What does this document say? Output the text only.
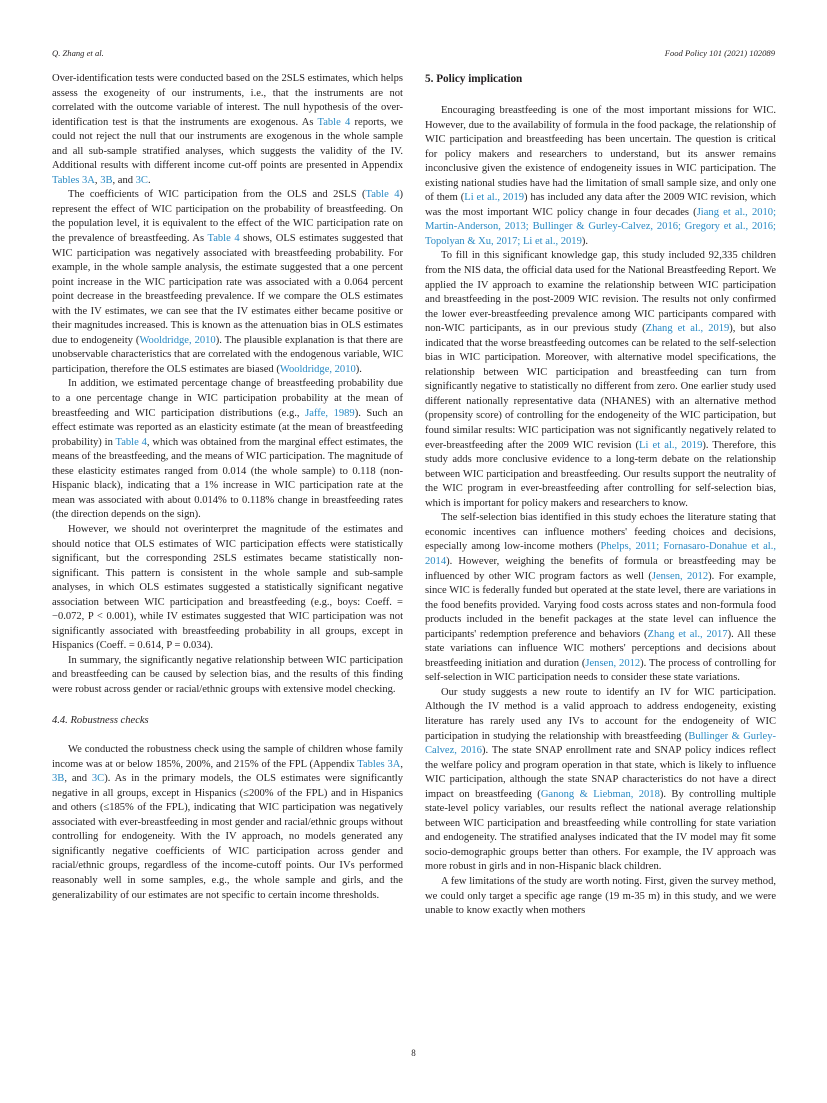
Q. Zhang et al.	Food Policy 101 (2021) 102089

Over-identification tests were conducted based on the 2SLS estimates, which helps assess the exogeneity of our instruments, i.e., that the instruments are not correlated with the outcome variable of interest. The null hypothesis of the over-identification test is that the instruments are exogenous. As Table 4 reports, we could not reject the null that our instruments are exogenous in the whole sample and all sub-sample stratified analyses, which suggests the validity of the IV. Additional results with different income cut-off points are presented in Appendix Tables 3A, 3B, and 3C.

The coefficients of WIC participation from the OLS and 2SLS (Table 4) represent the effect of WIC participation on the probability of breastfeeding. On the population level, it is equivalent to the effect of the WIC participation rate on the prevalence of breastfeeding. As Table 4 shows, OLS estimates suggested that WIC participation was negatively associated with breastfeeding probability. For example, in the whole sample analysis, the estimate suggested that a one percent point increase in the WIC participation rate was associated with a 0.064 percent point decrease in the breastfeeding prevalence. If we compare the OLS estimates with the IV estimates, we can see that the IV estimates either became positive or their magnitudes increased. This is known as the attenuation bias in OLS estimates due to endogeneity (Wooldridge, 2010). The plausible explanation is that there are unobservable characteristics that are correlated with the endogenous variable, WIC participation, therefore the OLS estimates are biased (Wooldridge, 2010).

In addition, we estimated percentage change of breastfeeding probability due to a one percentage change in WIC participation probability at the mean of breastfeeding and WIC participation distributions (e.g., Jaffe, 1989). Such an effect estimate was reported as an elasticity estimate (at the mean of breastfeeding probability) in Table 4, which was obtained from the marginal effect estimates, the means of the breastfeeding, and the means of WIC participation. The magnitude of these elasticity estimates ranged from 0.014 (the whole sample) to 0.118 (non-Hispanic black), indicating that a 1% increase in WIC participation rate at the mean was associated with about 0.014% to 0.118% change in breastfeeding rates (the direction depends on the sign).

However, we should not overinterpret the magnitude of the estimates and should notice that OLS estimates of WIC participation effects were statistically significant, but the corresponding 2SLS estimates became statistically non-significant. This pattern is consistent in the whole sample and sub-sample analyses, in which OLS estimates suggested a statistically significant negative association between WIC participation and breastfeeding (e.g., boys: Coeff. = −0.072, P < 0.001), while IV estimates suggested that WIC participation was not significantly associated with breastfeeding probability in all groups, except in Hispanics (Coeff. = 0.614, P = 0.034).

In summary, the significantly negative relationship between WIC participation and breastfeeding can be caused by selection bias, and the results of this finding were robust across gender or racial/ethnic groups with extensive model checking.

4.4. Robustness checks

We conducted the robustness check using the sample of children whose family income was at or below 185%, 200%, and 215% of the FPL (Appendix Tables 3A, 3B, and 3C). As in the primary models, the OLS estimates were significantly negative in all groups, except in Hispanics (≤200% of the FPL) and in Hispanics and others (≤185% of the FPL), indicating that WIC participation was negatively associated with ever-breastfeeding in most gender and racial/ethnic groups without controlling for endogeneity. With the IV approach, no models generated any significantly negative coefficients of WIC participation across gender and racial/ethnic groups, regardless of the income-cutoff points. Our IVs performed reasonably well in some samples, e.g., the whole sample and girls, and the generalizability of our estimates are not specific to certain income thresholds.

5. Policy implication

Encouraging breastfeeding is one of the most important missions for WIC. However, due to the availability of formula in the food package, the relationship of WIC participation and breastfeeding has been uncertain. The question is critical for policy makers and researchers to understand, but its answer remains inconclusive given the existence of endogeneity issues in WIC participation. The existing national studies have had the limitation of small sample size, and only one of them (Li et al., 2019) has included any data after the 2009 WIC revision, which was the most important WIC policy change in four decades (Jiang et al., 2010; Martin-Anderson, 2013; Bullinger & Gurley-Calvez, 2016; Gregory et al., 2016; Topolyan & Xu, 2017; Li et al., 2019).

To fill in this significant knowledge gap, this study included 92,335 children from the NIS data, the official data used for the National Breastfeeding Report. We applied the IV approach to examine the relationship between WIC participation and breastfeeding in the post-2009 WIC revision. The results not only confirmed the lower ever-breastfeeding prevalence among WIC participants compared with non-WIC participants, as in our previous study (Zhang et al., 2019), but also indicated that the worse breastfeeding outcomes can be related to the self-selection bias in WIC participation. Moreover, with alternative model specifications, the relationship between WIC participation and breastfeeding can turn from significantly negative to statistically no different from zero. One earlier study used different nationally representative data (NHANES) with an alternative method (propensity score) of controlling for the endogeneity of the WIC participation, but found similar results: WIC participation was not significantly negatively related to ever-breastfeeding after the 2009 WIC revision (Li et al., 2019). Therefore, this study adds more conclusive evidence to a long-term debate on the relationship between WIC participation and breastfeeding. Our results support the neutrality of the WIC program in ever-breastfeeding after controlling for self-selection bias, which is important for policy makers and researchers to know.

The self-selection bias identified in this study echoes the literature stating that economic incentives can influence mothers' feeding choices and decisions, especially among low-income mothers (Phelps, 2011; Fornasaro-Donahue et al., 2014). However, weighing the benefits of formula or breastfeeding may be influenced by other WIC program factors as well (Jensen, 2012). For example, since WIC is federally funded but operated at the state level, there are variations in the food benefits provided. Varying food costs across states and non-formula food products included in the benefit packages at the state level can influence the participants' redemption preference and behaviors (Zhang et al., 2017). All these state variations can influence WIC mothers' perceptions and decisions about breastfeeding initiation and duration (Jensen, 2012). The process of controlling for self-selection in WIC participation needs to consider these state variations.

Our study suggests a new route to identify an IV for WIC participation. Although the IV method is a valid approach to address endogeneity, existing literature has rarely used any IVs to account for the endogeneity of WIC participation in studying the relationship with breastfeeding (Bullinger & Gurley-Calvez, 2016). The state SNAP enrollment rate and SNAP policy indices reflect the welfare policy and program operation in that state, which is likely to influence WIC participation, although the state SNAP characteristics do not have a direct impact on breastfeeding (Ganong & Liebman, 2018). By controlling multiple state-level policy variables, our results reflect the national average relationship between WIC participation and breastfeeding while controlling for state variation and endogeneity. The stratified analyses indicated that the IV model may fit some socio-demographic groups better than others. For example, the IV approach was more robust in girls and in non-Hispanic black children.

A few limitations of the study are worth noting. First, given the survey method, we could only target a specific age range (19 m-35 m) in this study, and we were unable to know exactly when mothers

8
